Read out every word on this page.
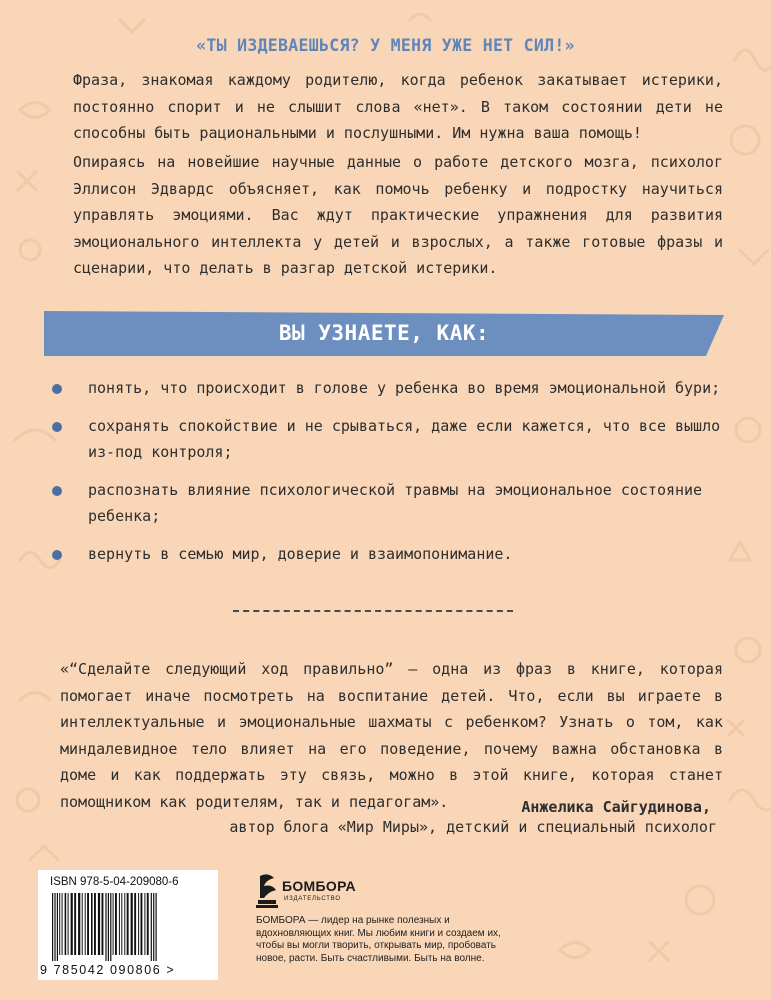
«ТЫ ИЗДЕВАЕШЬСЯ? У МЕНЯ УЖЕ НЕТ СИЛ!»

Фраза, знакомая каждому родителю, когда ребенок закатывает истерики, постоянно спорит и не слышит слова «нет». В таком состоянии дети не способны быть рациональными и послушными. Им нужна ваша помощь!

Опираясь на новейшие научные данные о работе детского мозга, психолог Эллисон Эдвардс объясняет, как помочь ребенку и подростку научиться управлять эмоциями. Вас ждут практические упражнения для развития эмоционального интеллекта у детей и взрослых, а также готовые фразы и сценарии, что делать в разгар детской истерики.

ВЫ УЗНАЕТЕ, КАК:
понять, что происходит в голове у ребенка во время эмоциональной бури;
сохранять спокойствие и не срываться, даже если кажется, что все вышло из-под контроля;
распознать влияние психологической травмы на эмоциональное состояние ребенка;
вернуть в семью мир, доверие и взаимопонимание.

«“Сделайте следующий ход правильно” – одна из фраз в книге, которая помогает иначе посмотреть на воспитание детей. Что, если вы играете в интеллектуальные и эмоциональные шахматы с ребенком? Узнать о том, как миндалевидное тело влияет на его поведение, почему важна обстановка в доме и как поддержать эту связь, можно в этой книге, которая станет помощником как родителям, так и педагогам».	Анжелика Сайгудинова,
автор блога «Мир Миры», детский и специальный психолог
ISBN 978-5-04-209080-6
9 785042 090806 >
БОМБОРА
ИЗДАТЕЛЬСТВО

БОМБОРА — лидер на рынке полезных и вдохновляющих книг. Мы любим книги и создаем их, чтобы вы могли творить, открывать мир, пробовать новое, расти. Быть счастливыми. Быть на волне.
